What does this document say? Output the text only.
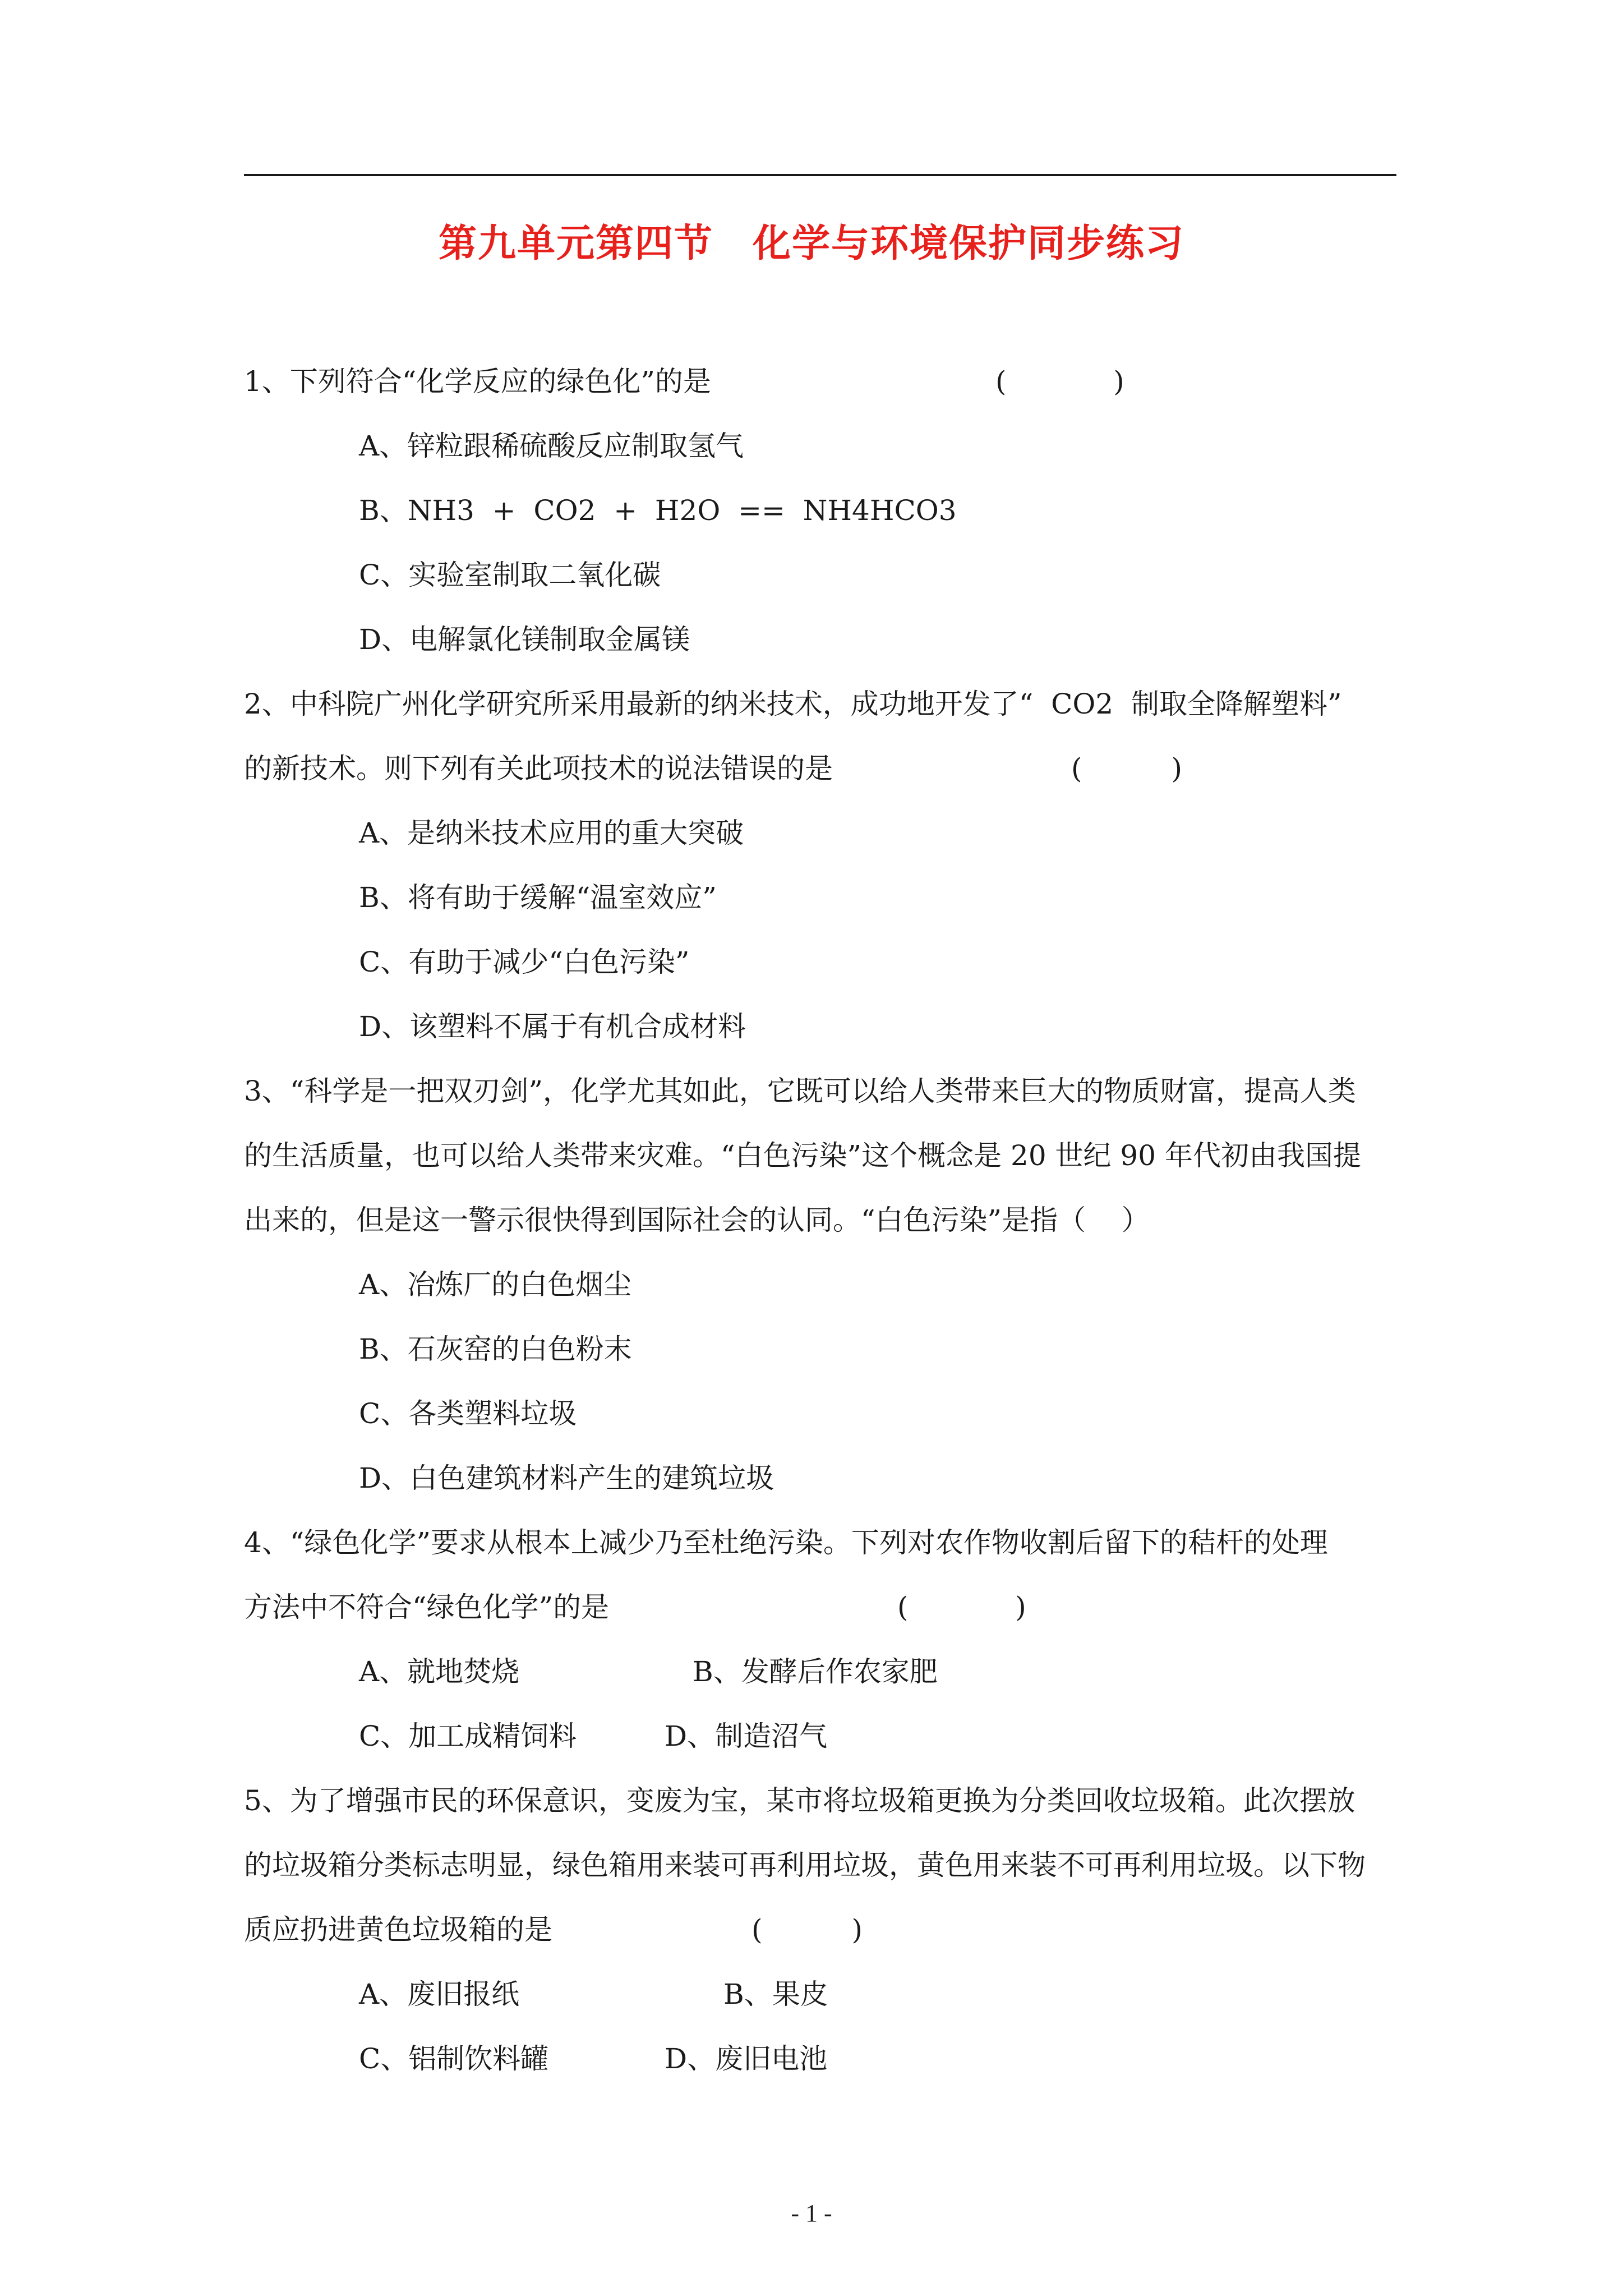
第九单元第四节　化学与环境保护同步练习
1、下列符合“化学反应的绿色化”的是	(            )
A、锌粒跟稀硫酸反应制取氢气
B、NH3  +  CO2  +  H2O  ==  NH4HCO3
C、实验室制取二氧化碳
D、电解氯化镁制取金属镁
2、中科院广州化学研究所采用最新的纳米技术，成功地开发了“  CO2  制取全降解塑料”
的新技术。则下列有关此项技术的说法错误的是	(          )
A、是纳米技术应用的重大突破
B、将有助于缓解“温室效应”
C、有助于减少“白色污染”
D、该塑料不属于有机合成材料
3、“科学是一把双刃剑”，化学尤其如此，它既可以给人类带来巨大的物质财富，提高人类
的生活质量，也可以给人类带来灾难。“白色污染”这个概念是 20 世纪 90 年代初由我国提
出来的，但是这一警示很快得到国际社会的认同。“白色污染”是指（    ）
A、冶炼厂的白色烟尘
B、石灰窑的白色粉末
C、各类塑料垃圾
D、白色建筑材料产生的建筑垃圾
4、“绿色化学”要求从根本上减少乃至杜绝污染。下列对农作物收割后留下的秸杆的处理
方法中不符合“绿色化学”的是	(            )
A、就地焚烧	B、发酵后作农家肥
C、加工成精饲料	D、制造沼气
5、为了增强市民的环保意识，变废为宝，某市将垃圾箱更换为分类回收垃圾箱。此次摆放
的垃圾箱分类标志明显，绿色箱用来装可再利用垃圾，黄色用来装不可再利用垃圾。以下物
质应扔进黄色垃圾箱的是	(          )
A、废旧报纸	B、果皮
C、铝制饮料罐	D、废旧电池
- 1 -
